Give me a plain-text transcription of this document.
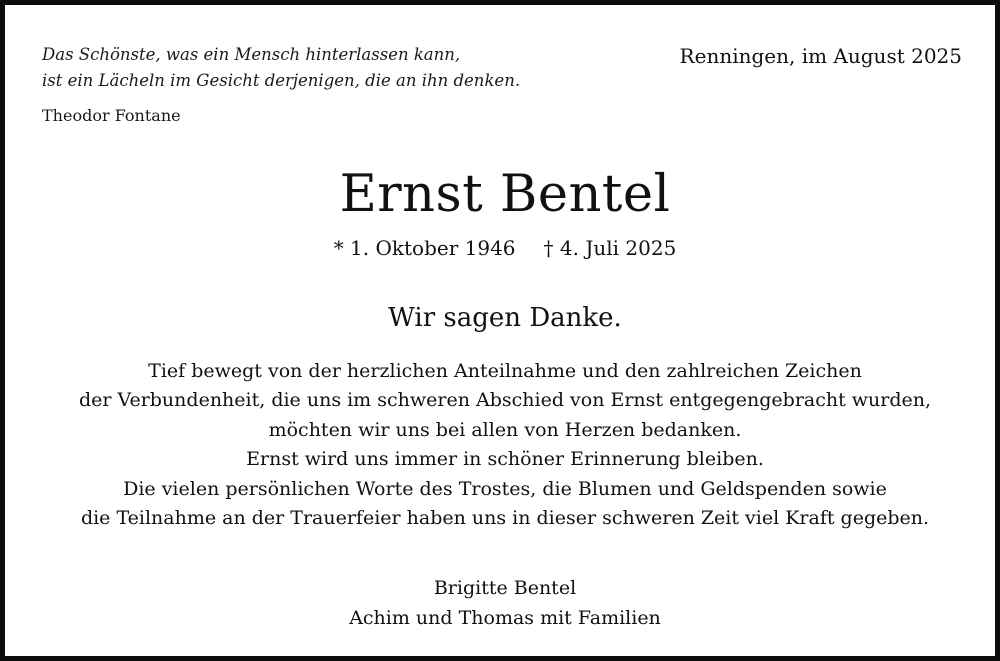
Das Schönste, was ein Mensch hinterlassen kann,
ist ein Lächeln im Gesicht derjenigen, die an ihn denken.
Theodor Fontane
Renningen, im August 2025
Ernst Bentel
* 1. Oktober 1946 † 4. Juli 2025
Wir sagen Danke.
Tief bewegt von der herzlichen Anteilnahme und den zahlreichen Zeichen
der Verbundenheit, die uns im schweren Abschied von Ernst entgegengebracht wurden,
möchten wir uns bei allen von Herzen bedanken.
Ernst wird uns immer in schöner Erinnerung bleiben.
Die vielen persönlichen Worte des Trostes, die Blumen und Geldspenden sowie
die Teilnahme an der Trauerfeier haben uns in dieser schweren Zeit viel Kraft gegeben.
Brigitte Bentel
Achim und Thomas mit Familien
